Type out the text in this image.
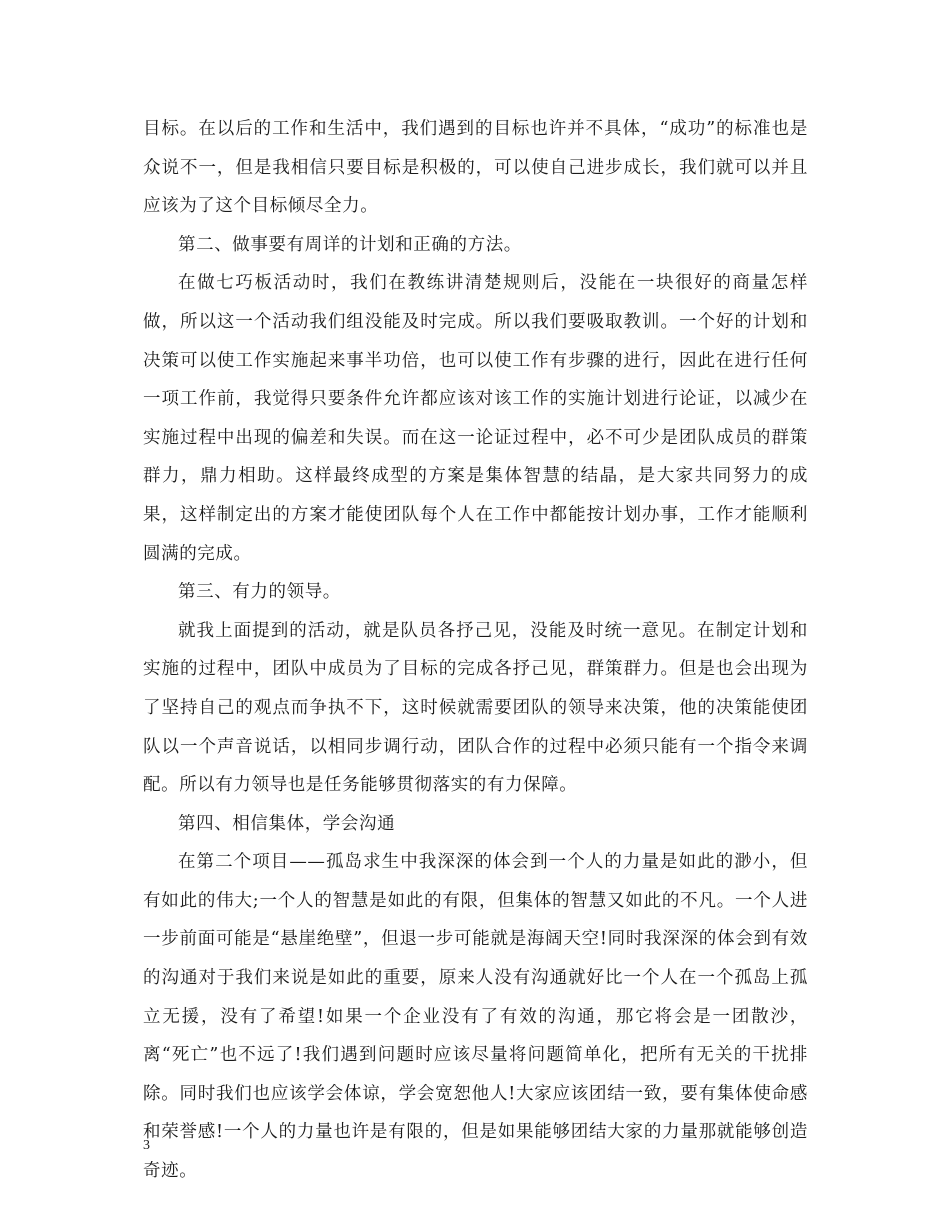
目标。在以后的工作和生活中，我们遇到的目标也许并不具体，“成功”的标准也是众说不一，但是我相信只要目标是积极的，可以使自己进步成长，我们就可以并且应该为了这个目标倾尽全力。

第二、做事要有周详的计划和正确的方法。

在做七巧板活动时，我们在教练讲清楚规则后，没能在一块很好的商量怎样做，所以这一个活动我们组没能及时完成。所以我们要吸取教训。一个好的计划和决策可以使工作实施起来事半功倍，也可以使工作有步骤的进行，因此在进行任何一项工作前，我觉得只要条件允许都应该对该工作的实施计划进行论证，以减少在实施过程中出现的偏差和失误。而在这一论证过程中，必不可少是团队成员的群策群力，鼎力相助。这样最终成型的方案是集体智慧的结晶，是大家共同努力的成果，这样制定出的方案才能使团队每个人在工作中都能按计划办事，工作才能顺利圆满的完成。

第三、有力的领导。

就我上面提到的活动，就是队员各抒己见，没能及时统一意见。在制定计划和实施的过程中，团队中成员为了目标的完成各抒己见，群策群力。但是也会出现为了坚持自己的观点而争执不下，这时候就需要团队的领导来决策，他的决策能使团队以一个声音说话，以相同步调行动，团队合作的过程中必须只能有一个指令来调配。所以有力领导也是任务能够贯彻落实的有力保障。

第四、相信集体，学会沟通

在第二个项目——孤岛求生中我深深的体会到一个人的力量是如此的渺小，但有如此的伟大;一个人的智慧是如此的有限，但集体的智慧又如此的不凡。一个人进一步前面可能是“悬崖绝壁”，但退一步可能就是海阔天空!同时我深深的体会到有效的沟通对于我们来说是如此的重要，原来人没有沟通就好比一个人在一个孤岛上孤立无援，没有了希望!如果一个企业没有了有效的沟通，那它将会是一团散沙，离“死亡”也不远了!我们遇到问题时应该尽量将问题简单化，把所有无关的干扰排除。同时我们也应该学会体谅，学会宽恕他人!大家应该团结一致，要有集体使命感和荣誉感!一个人的力量也许是有限的，但是如果能够团结大家的力量那就能够创造奇迹。

3
